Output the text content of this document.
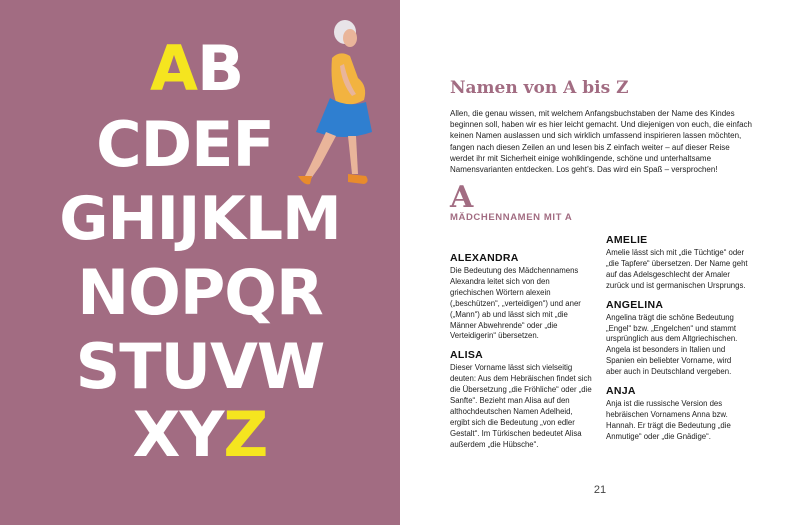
AB
CDEF
GHIJKLM
NOPQR
STUVW
XYZ
Namen von A bis Z

Allen, die genau wissen, mit welchem Anfangsbuchstaben der Name des Kindes beginnen soll, haben wir es hier leicht gemacht. Und diejenigen von euch, die einfach keinen Namen auslassen und sich wirklich umfassend inspirieren lassen möchten, fangen nach diesen Zeilen an und lesen bis Z einfach weiter – auf dieser Reise werdet ihr mit Sicherheit einige wohlklingende, schöne und unterhaltsame Namensvarianten entdecken. Los geht’s. Das wird ein Spaß – versprochen!

A
MÄDCHENNAMEN MIT A

ALEXANDRA

Die Bedeutung des Mädchennamens Alexandra leitet sich von den griechischen Wörtern alexein („beschützen“, „verteidigen“) und aner („Mann“) ab und lässt sich mit „die Männer Abwehrende“ oder „die Verteidigerin“ übersetzen.

ALISA

Dieser Vorname lässt sich vielseitig deuten: Aus dem Hebräischen findet sich die Übersetzung „die Fröhliche“ oder „die Sanfte“. Bezieht man Alisa auf den althochdeutschen Namen Adelheid, ergibt sich die Bedeutung „von edler Gestalt“. Im Türkischen bedeutet Alisa außerdem „die Hübsche“.

AMELIE

Amelie lässt sich mit „die Tüchtige“ oder „die Tapfere“ übersetzen. Der Name geht auf das Adelsgeschlecht der Amaler zurück und ist germanischen Ursprungs.

ANGELINA

Angelina trägt die schöne Bedeutung „Engel“ bzw. „Engelchen“ und stammt ursprünglich aus dem Altgriechischen. Angela ist besonders in Italien und Spanien ein beliebter Vorname, wird aber auch in Deutschland vergeben.

ANJA

Anja ist die russische Version des hebräischen Vornamens Anna bzw. Hannah. Er trägt die Bedeutung „die Anmutige“ oder „die Gnädige“.

21
